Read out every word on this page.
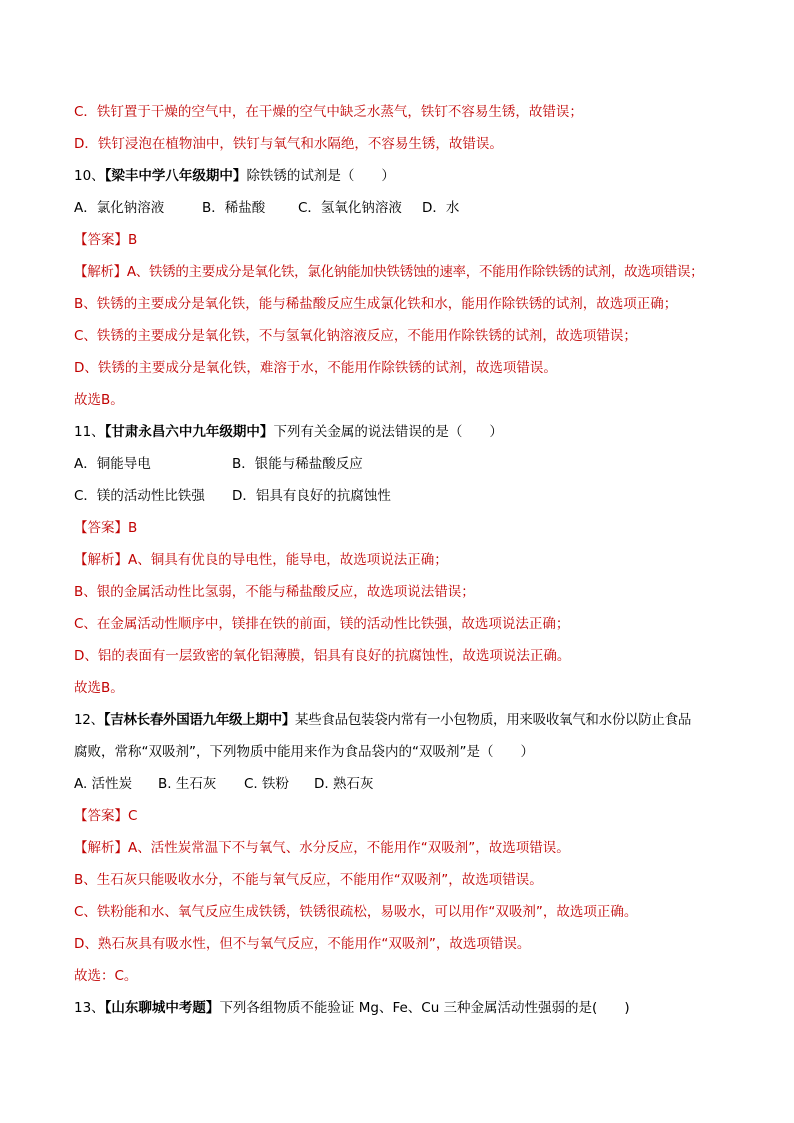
C．铁钉置于干燥的空气中，在干燥的空气中缺乏水蒸气，铁钉不容易生锈，故错误；
D．铁钉浸泡在植物油中，铁钉与氧气和水隔绝，不容易生锈，故错误。
10、【梁丰中学八年级期中】除铁锈的试剂是（　　）
A．氯化钠溶液	B．稀盐酸 C．氢氧化钠溶液 D．水
【答案】B
【解析】A、铁锈的主要成分是氧化铁，氯化钠能加快铁锈蚀的速率，不能用作除铁锈的试剂，故选项错误；
B、铁锈的主要成分是氧化铁，能与稀盐酸反应生成氯化铁和水，能用作除铁锈的试剂，故选项正确；
C、铁锈的主要成分是氧化铁，不与氢氧化钠溶液反应，不能用作除铁锈的试剂，故选项错误；
D、铁锈的主要成分是氧化铁，难溶于水，不能用作除铁锈的试剂，故选项错误。
故选B。
11、【甘肃永昌六中九年级期中】下列有关金属的说法错误的是（　　）
A．铜能导电	B．银能与稀盐酸反应
C．镁的活动性比铁强 D．铝具有良好的抗腐蚀性
【答案】B
【解析】A、铜具有优良的导电性，能导电，故选项说法正确；
B、银的金属活动性比氢弱，不能与稀盐酸反应，故选项说法错误；
C、在金属活动性顺序中，镁排在铁的前面，镁的活动性比铁强，故选项说法正确；
D、铝的表面有一层致密的氧化铝薄膜，铝具有良好的抗腐蚀性，故选项说法正确。
故选B。
12、【吉林长春外国语九年级上期中】某些食品包装袋内常有一小包物质，用来吸收氧气和水份以防止食品
腐败，常称“双吸剂”，下列物质中能用来作为食品袋内的“双吸剂”是（　　）
A. 活性炭 B. 生石灰 C. 铁粉 D. 熟石灰
【答案】C
【解析】A、活性炭常温下不与氧气、水分反应，不能用作“双吸剂”，故选项错误。
B、生石灰只能吸收水分，不能与氧气反应，不能用作“双吸剂”，故选项错误。
C、铁粉能和水、氧气反应生成铁锈，铁锈很疏松，易吸水，可以用作“双吸剂”，故选项正确。
D、熟石灰具有吸水性，但不与氧气反应，不能用作“双吸剂”，故选项错误。
故选：C。
13、【山东聊城中考题】下列各组物质不能验证 Mg、Fe、Cu 三种金属活动性强弱的是(　　)
